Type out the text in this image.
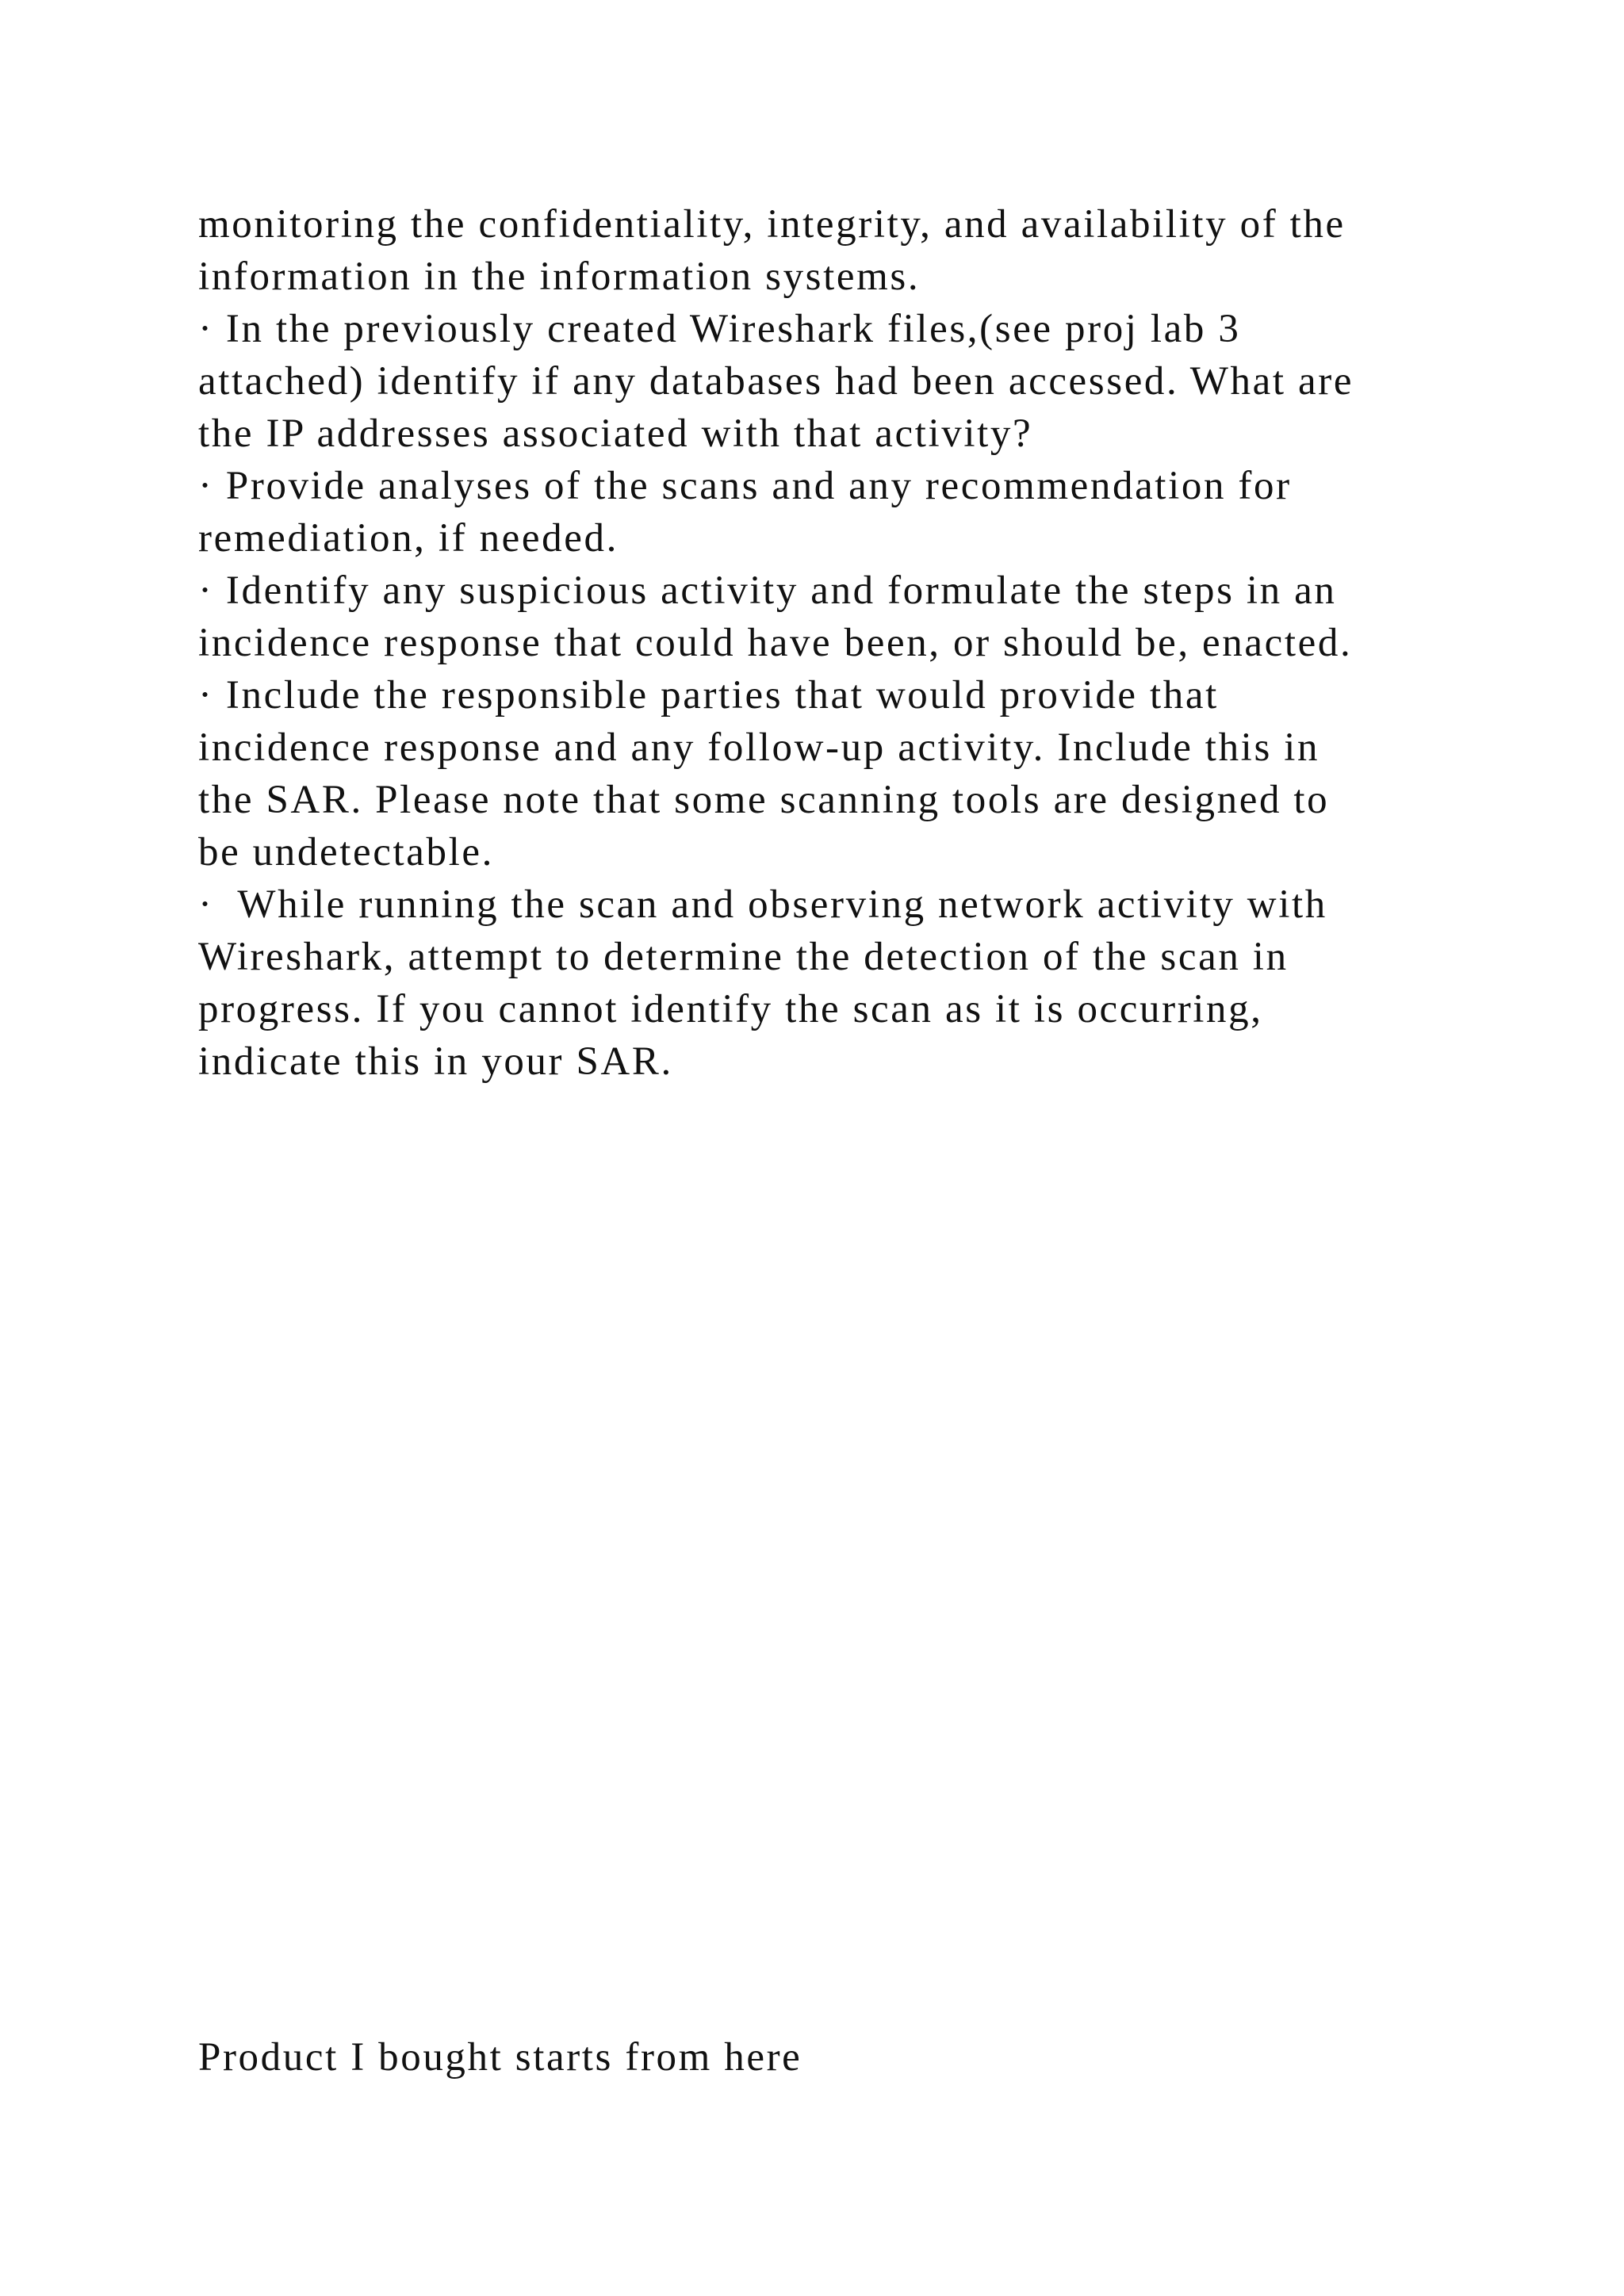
monitoring the confidentiality, integrity, and availability of the

information in the information systems.

· In the previously created Wireshark files,(see proj lab 3

attached) identify if any databases had been accessed. What are

the IP addresses associated with that activity?

· Provide analyses of the scans and any recommendation for

remediation, if needed.

· Identify any suspicious activity and formulate the steps in an

incidence response that could have been, or should be, enacted.

· Include the responsible parties that would provide that

incidence response and any follow-up activity. Include this in

the SAR. Please note that some scanning tools are designed to

be undetectable.

·  While running the scan and observing network activity with

Wireshark, attempt to determine the detection of the scan in

progress. If you cannot identify the scan as it is occurring,

indicate this in your SAR.

Product I bought starts from here
